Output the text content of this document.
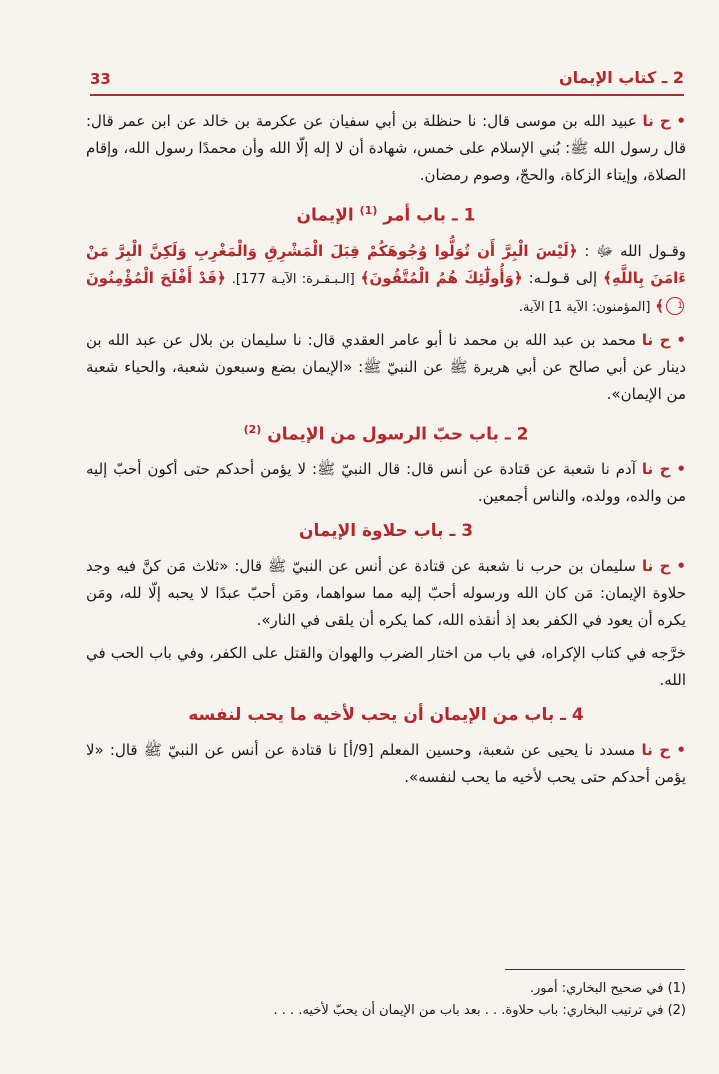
33	2 ـ كتاب الإيمان

• ح نا عبيد الله بن موسى قال: نا حنظلة بن أبي سفيان عن عكرمة بن خالد عن ابن عمر قال: قال رسول الله ﷺ: بُني الإسلام على خمس، شهادة أن لا إله إلّا الله وأن محمدًا رسول الله، وإقام الصلاة، وإيتاء الزكاة، والحجّ، وصوم رمضان.

1 ـ باب أمر $^{(1)}$ الإيمان

وقـول الله ﷻ : ﴿لَيْسَ الْبِرَّ أَن تُوَلُّوا وُجُوهَكُمْ قِبَلَ الْمَشْرِقِ وَالْمَغْرِبِ وَلَكِنَّ الْبِرَّ مَنْ ءَامَنَ بِاللَّهِ﴾ إلى قـولـه: ﴿وَأُولَٰٓئِكَ هُمُ الْمُتَّقُونَ﴾ [الـبـقـرة: الآيـة 177]. ﴿قَدْ أَفْلَحَ الْمُؤْمِنُونَ1﴾ [المؤمنون: الآية 1] الآية.

• ح نا محمد بن عبد الله بن محمد نا أبو عامر العقدي قال: نا سليمان بن بلال عن عبد الله بن دينار عن أبي صالح عن أبي هريرة ﷺ عن النبيّ ﷺ: «الإيمان بضع وسبعون شعبة، والحياء شعبة من الإيمان».

2 ـ باب حبّ الرسول من الإيمان $^{(2)}$

• ح نا آدم نا شعبة عن قتادة عن أنس قال: قال النبيّ ﷺ: لا يؤمن أحدكم حتى أكون أحبّ إليه من والده، وولده، والناس أجمعين.

3 ـ باب حلاوة الإيمان

• ح نا سليمان بن حرب نا شعبة عن قتادة عن أنس عن النبيّ ﷺ قال: «ثلاث مَن كنَّ فيه وجد حلاوة الإيمان: مَن كان الله ورسوله أحبّ إليه مما سواهما، ومَن أحبّ عبدًا لا يحبه إلّا لله، ومَن يكره أن يعود في الكفر بعد إذ أنقذه الله، كما يكره أن يلقى في النار».

خرَّجه في كتاب الإكراه، في باب من اختار الضرب والهوان والقتل على الكفر، وفي باب الحب في الله.

4 ـ باب من الإيمان أن يحب لأخيه ما يحب لنفسه

• ح نا مسدد نا يحيى عن شعبة، وحسين المعلم [9/أ] نا قتادة عن أنس عن النبيّ ﷺ قال: «لا يؤمن أحدكم حتى يحب لأخيه ما يحب لنفسه».

(1) في صحيح البخاري: أمور.

(2) في ترتيب البخاري: باب حلاوة. . . بعد باب من الإيمان أن يحبّ لأخيه. . . .
